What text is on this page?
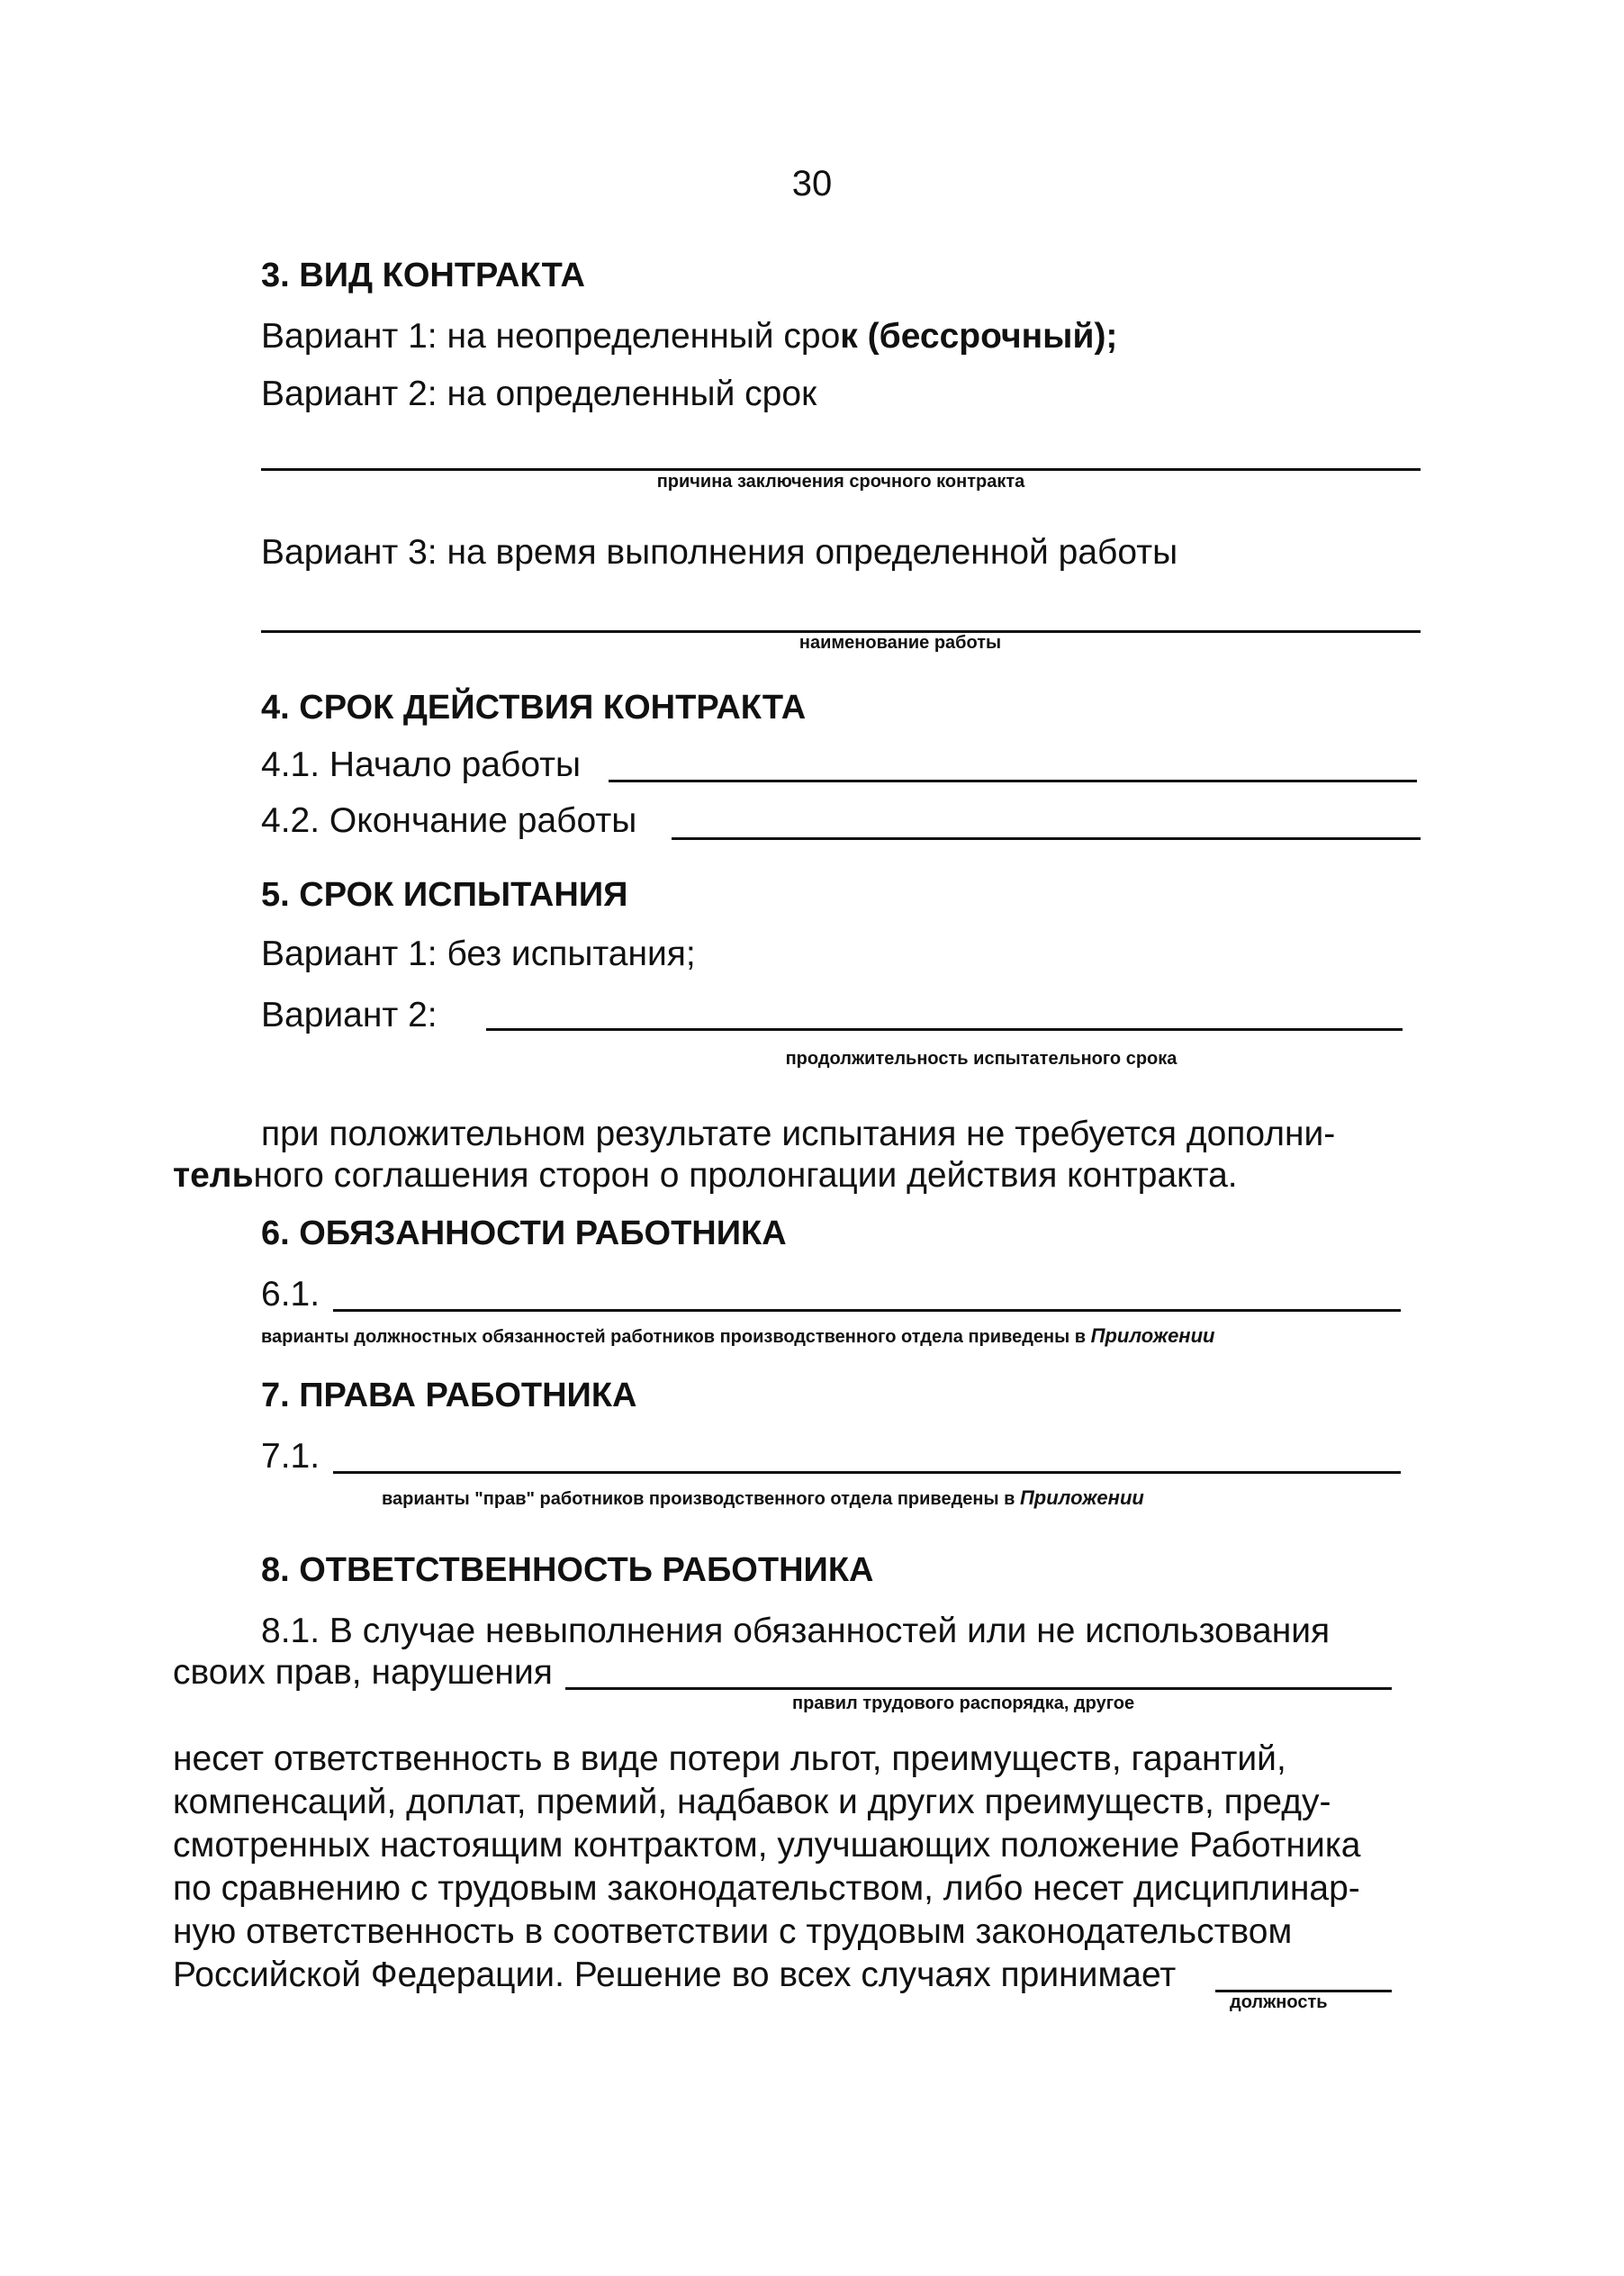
30
3. ВИД КОНТРАКТА
Вариант 1: на неопределенный срок (бессрочный);
Вариант 2: на определенный срок
причина заключения срочного контракта
Вариант 3: на время выполнения определенной работы
наименование работы
4. СРОК ДЕЙСТВИЯ КОНТРАКТА
4.1. Начало работы
4.2. Окончание работы
5. СРОК ИСПЫТАНИЯ
Вариант 1: без испытания;
Вариант 2:
продолжительность испытательного срока
при положительном результате испытания не требуется дополни-
тельного соглашения сторон о пролонгации действия контракта.
6. ОБЯЗАННОСТИ РАБОТНИКА
6.1.
варианты должностных обязанностей работников производственного отдела приведены в Приложении
7. ПРАВА РАБОТНИКА
7.1.
варианты "прав" работников производственного отдела приведены в Приложении
8. ОТВЕТСТВЕННОСТЬ РАБОТНИКА
8.1. В случае невыполнения обязанностей или не использования
своих прав, нарушения
правил трудового распорядка, другое
несет ответственность в виде потери льгот, преимуществ, гарантий,
компенсаций, доплат, премий, надбавок и других преимуществ, преду-
смотренных настоящим контрактом, улучшающих положение Работника
по сравнению с трудовым законодательством, либо несет дисциплинар-
ную ответственность в соответствии с трудовым законодательством
Российской Федерации. Решение во всех случаях принимает
должность
